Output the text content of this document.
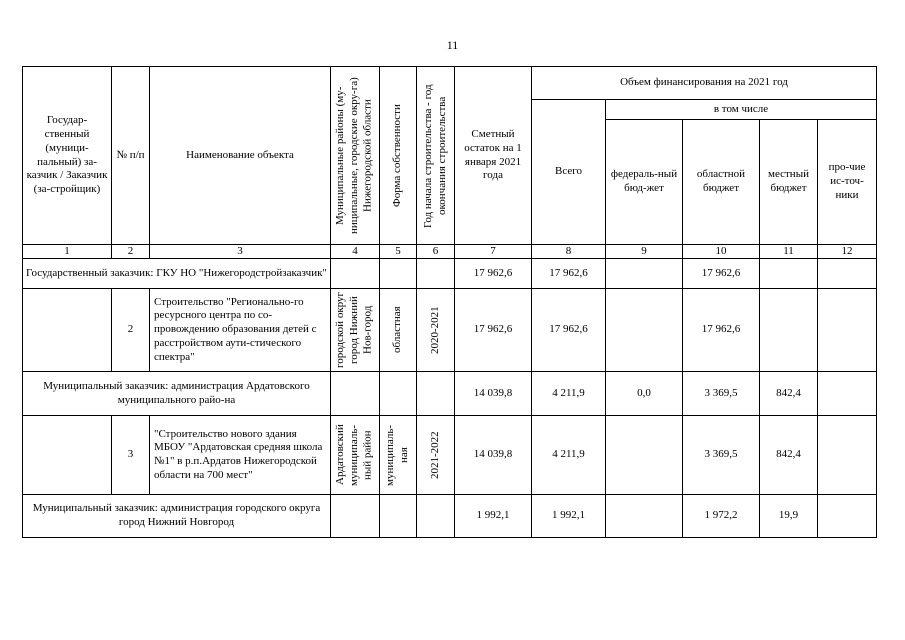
11
Государ-ственный (муници-пальный) за-казчик / Заказчик (за-стройщик)	№ п/п	Наименование объекта	Муниципальные районы (му-ниципальные, городские окру-га) Нижегородской области	Форма собственности	Год начала строительства - год окончания строительства	Сметный остаток на 1 января 2021 года	Объем финансирования на 2021 год				
							Всего	в том числе			
								федераль-ный бюд-жет	областной бюджет	местный бюджет	про-чие ис-точ-ники
1	2	3	4	5	6	7	8	9	10	11	12
Государственный заказчик: ГКУ НО "Нижегородстройзаказчик"						17 962,6	17 962,6		17 962,6		
	2	Строительство "Регионально-го ресурсного центра по со-провождению образования детей с расстройством аути-стического спектра"	городской округ город Нижний Нов-город	областная	2020-2021	17 962,6	17 962,6		17 962,6		
Муниципальный заказчик: администрация Ардатовского муниципального райо-на						14 039,8	4 211,9	0,0	3 369,5	842,4	
	3	"Строительство нового здания МБОУ "Ардатовская средняя школа №1" в р.п.Ардатов Нижегородской области на 700 мест"	Ардатовский муниципаль-ный район	муниципаль-ная	2021-2022	14 039,8	4 211,9		3 369,5	842,4	
Муниципальный заказчик: администрация городского округа город Нижний Новгород						1 992,1	1 992,1		1 972,2	19,9	
